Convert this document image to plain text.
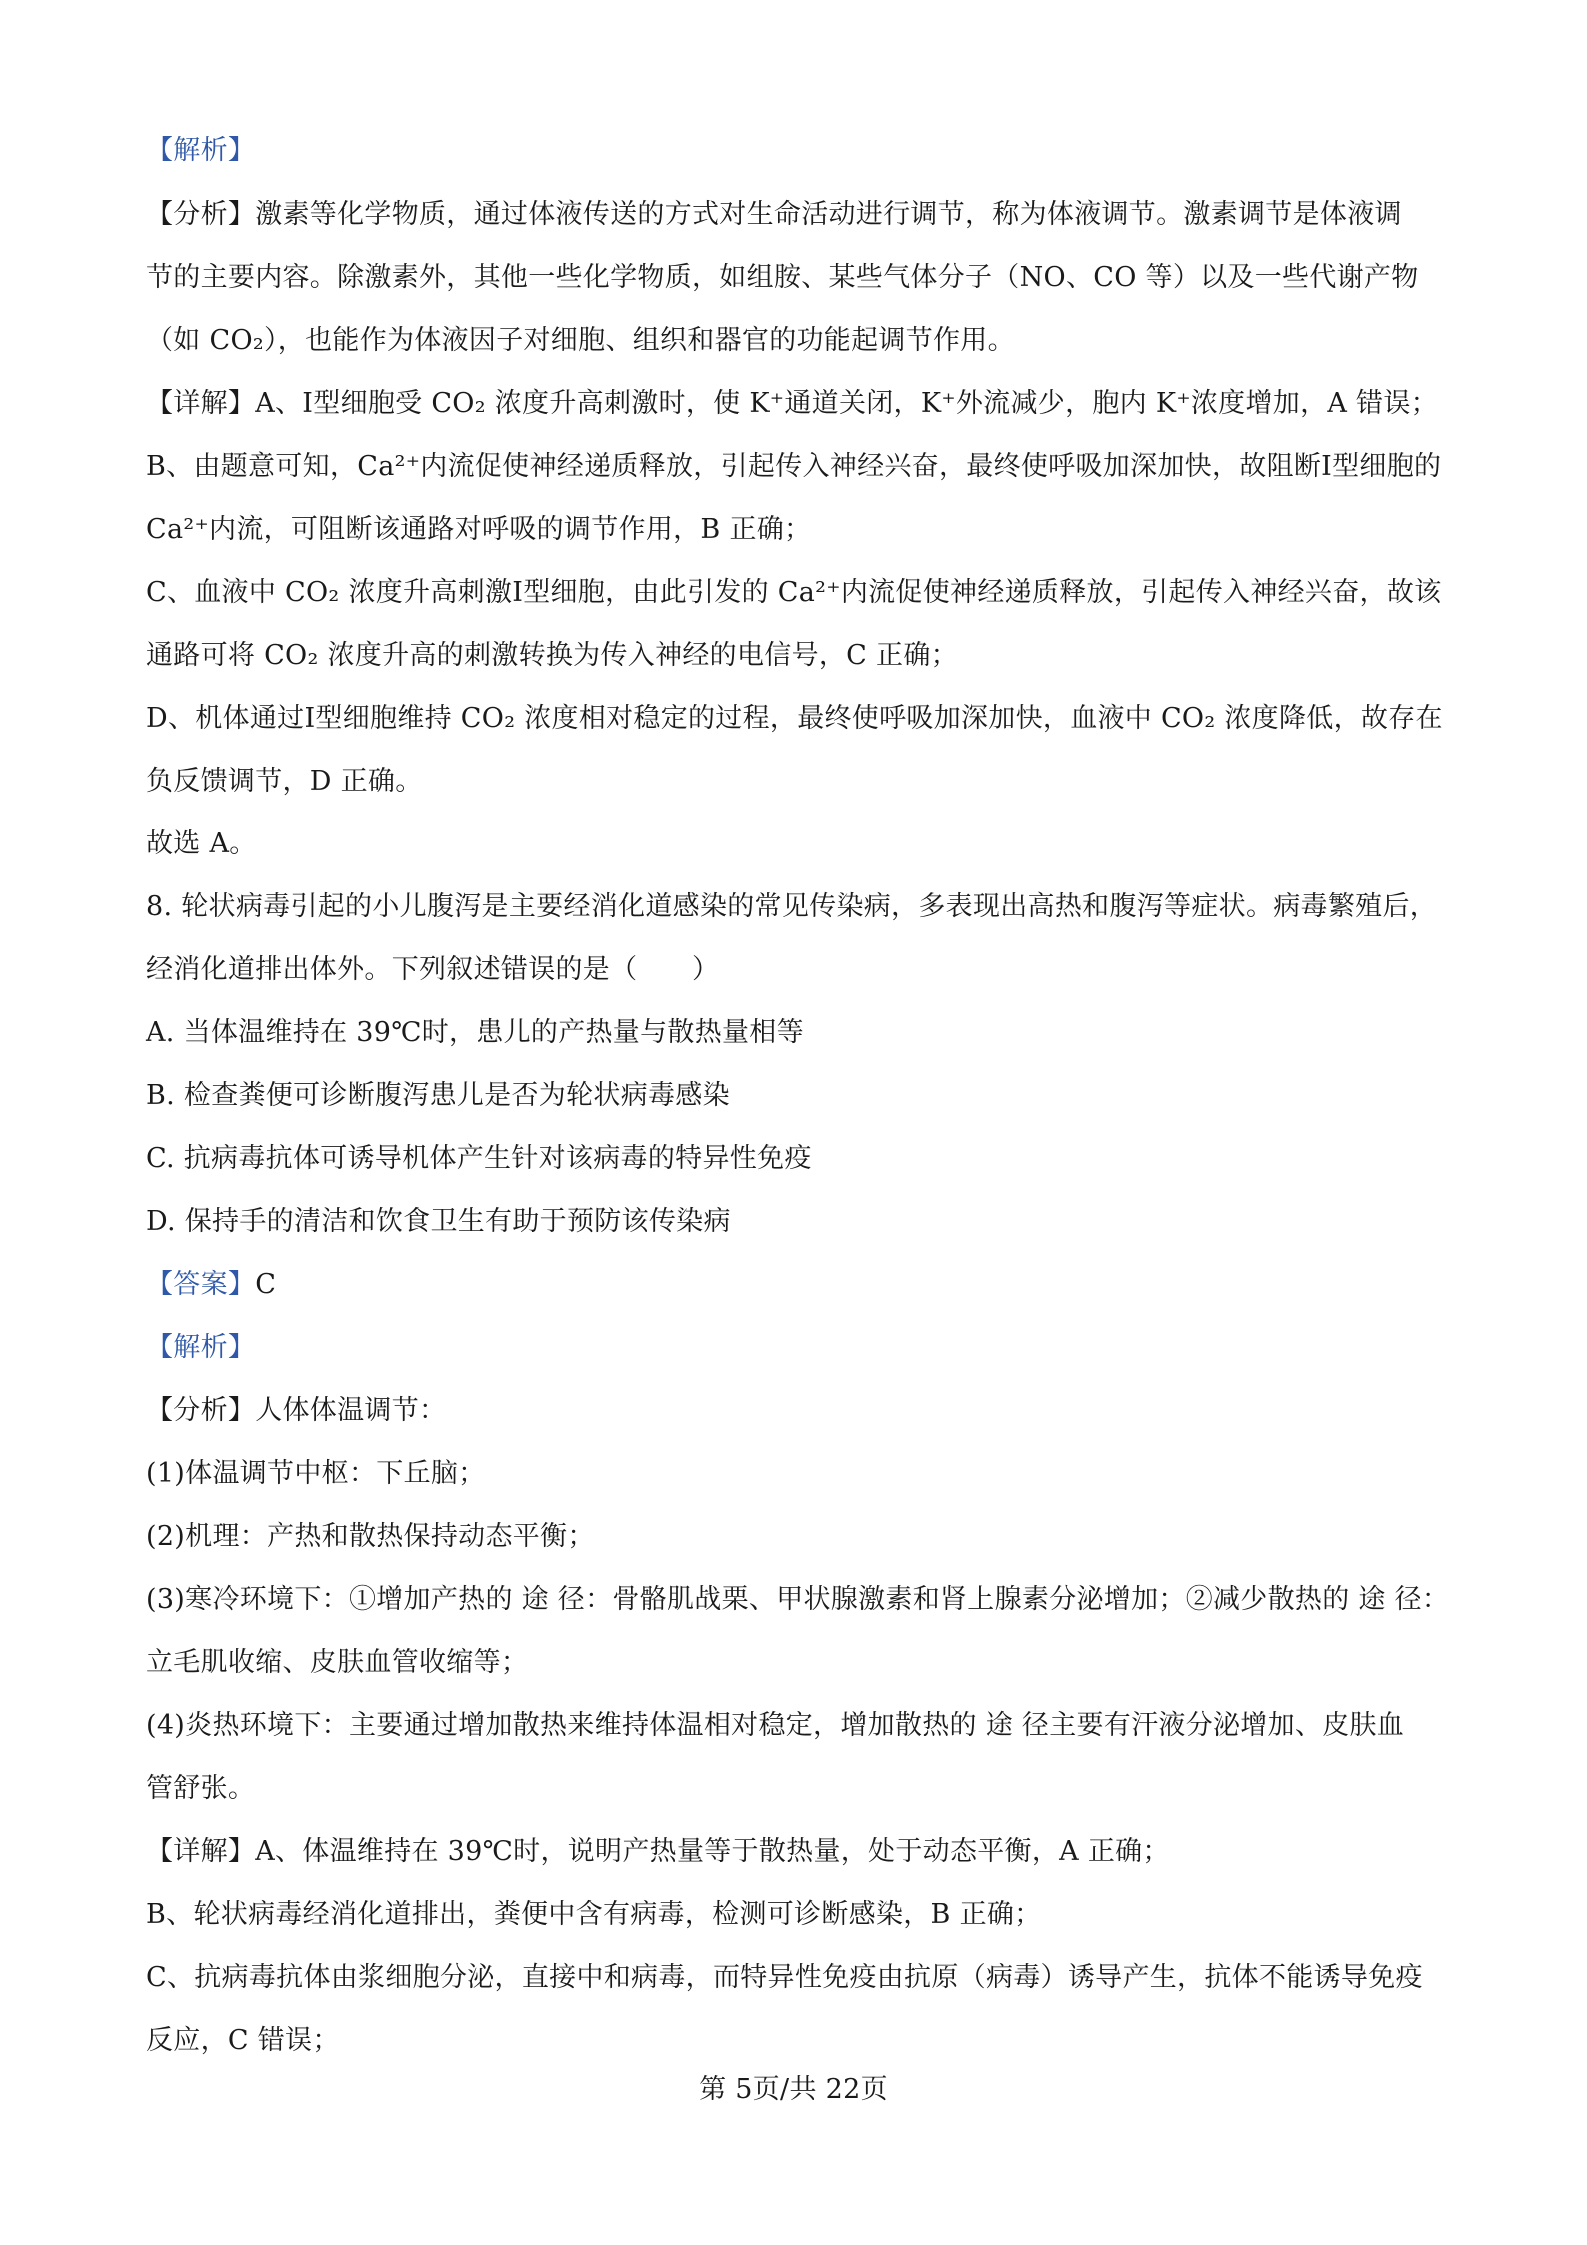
【解析】
【分析】激素等化学物质，通过体液传送的方式对生命活动进行调节，称为体液调节。激素调节是体液调
节的主要内容。除激素外，其他一些化学物质，如组胺、某些气体分子（NO、CO 等）以及一些代谢产物
（如 CO₂），也能作为体液因子对细胞、组织和器官的功能起调节作用。
【详解】A、I型细胞受 CO₂ 浓度升高刺激时，使 K⁺通道关闭，K⁺外流减少，胞内 K⁺浓度增加，A 错误；
B、由题意可知，Ca²⁺内流促使神经递质释放，引起传入神经兴奋，最终使呼吸加深加快，故阻断I型细胞的
Ca²⁺内流，可阻断该通路对呼吸的调节作用，B 正确；
C、血液中 CO₂ 浓度升高刺激I型细胞，由此引发的 Ca²⁺内流促使神经递质释放，引起传入神经兴奋，故该
通路可将 CO₂ 浓度升高的刺激转换为传入神经的电信号，C 正确；
D、机体通过I型细胞维持 CO₂ 浓度相对稳定的过程，最终使呼吸加深加快，血液中 CO₂ 浓度降低，故存在
负反馈调节，D 正确。
故选 A。
8. 轮状病毒引起的小儿腹泻是主要经消化道感染的常见传染病，多表现出高热和腹泻等症状。病毒繁殖后，
经消化道排出体外。下列叙述错误的是（　　）
A. 当体温维持在 39℃时，患儿的产热量与散热量相等
B. 检查粪便可诊断腹泻患儿是否为轮状病毒感染
C. 抗病毒抗体可诱导机体产生针对该病毒的特异性免疫
D. 保持手的清洁和饮食卫生有助于预防该传染病
【答案】C
【解析】
【分析】人体体温调节：
(1)体温调节中枢：下丘脑；
(2)机理：产热和散热保持动态平衡；
(3)寒冷环境下：①增加产热的 途 径：骨骼肌战栗、甲状腺激素和肾上腺素分泌增加；②减少散热的 途 径：
立毛肌收缩、皮肤血管收缩等；
(4)炎热环境下：主要通过增加散热来维持体温相对稳定，增加散热的 途 径主要有汗液分泌增加、皮肤血
管舒张。
【详解】A、体温维持在 39℃时，说明产热量等于散热量，处于动态平衡，A 正确；
B、轮状病毒经消化道排出，粪便中含有病毒，检测可诊断感染，B 正确；
C、抗病毒抗体由浆细胞分泌，直接中和病毒，而特异性免疫由抗原（病毒）诱导产生，抗体不能诱导免疫
反应，C 错误；
第 5页/共 22页
